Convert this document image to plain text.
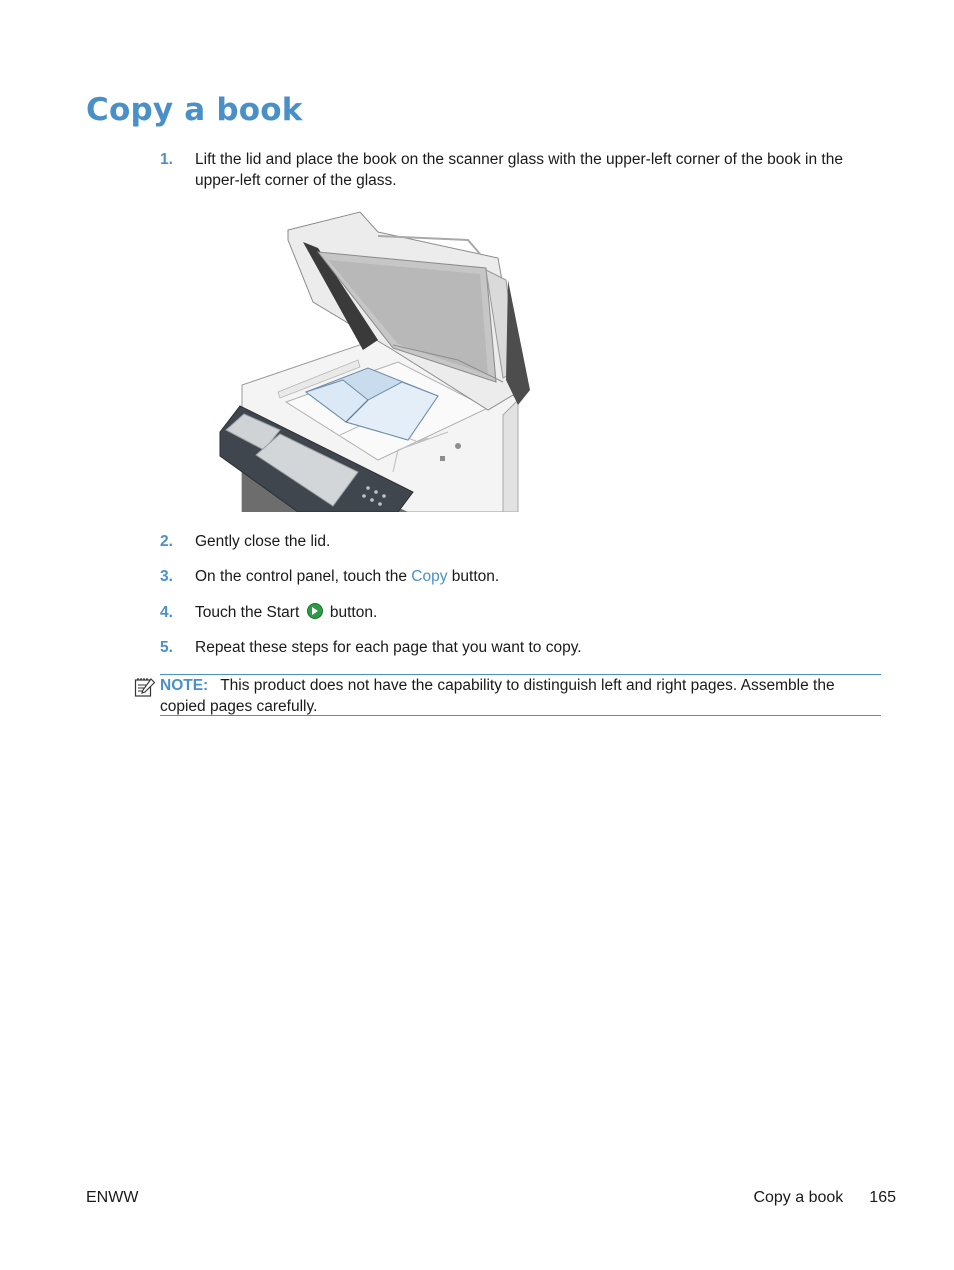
Copy a book
1.	Lift the lid and place the book on the scanner glass with the upper-left corner of the book in the upper-left corner of the glass.
2.	Gently close the lid.
3.	On the control panel, touch the Copy button.
4.	Touch the Start  button.
5.	Repeat these steps for each page that you want to copy.
NOTE: This product does not have the capability to distinguish left and right pages. Assemble the copied pages carefully.
ENWW	Copy a book 165
